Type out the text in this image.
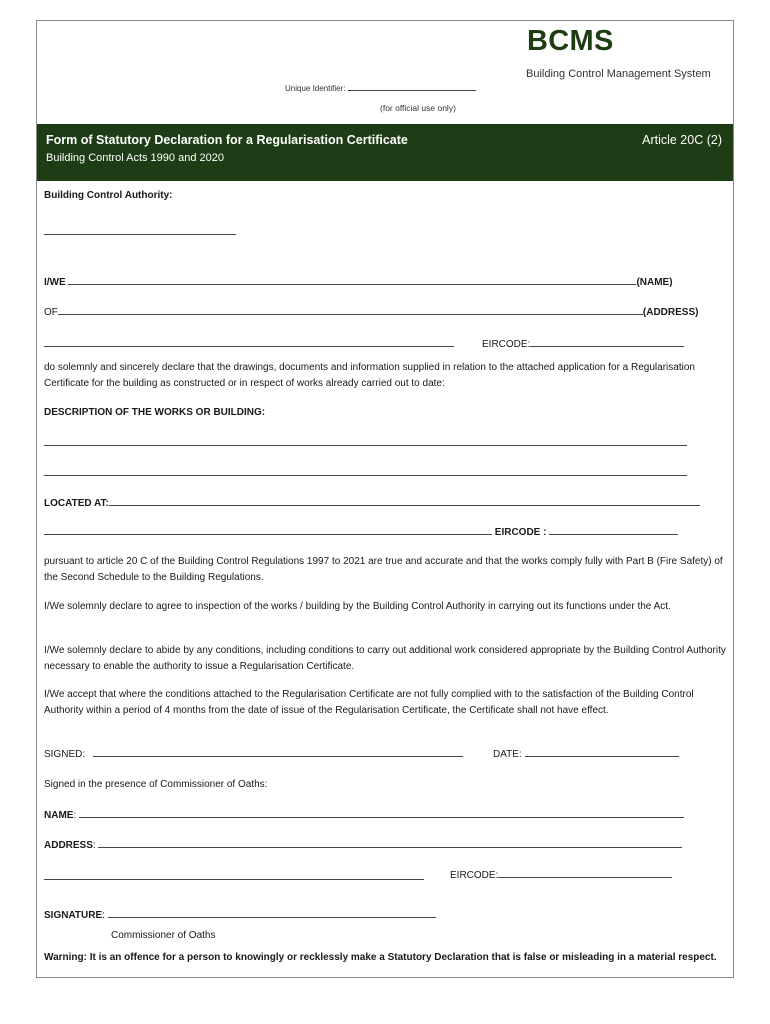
BCMS
Building Control Management System
Unique Identifier:
(for official use only)
Form of Statutory Declaration for a Regularisation Certificate
Building Control Acts 1990 and 2020
Article 20C (2)
Building Control Authority:
I/WE	(NAME)
OF	(ADDRESS)
EIRCODE:
do solemnly and sincerely declare that the drawings, documents and information supplied in relation to the attached application for a Regularisation Certificate for the building as constructed or in respect of works already carried out to date:
DESCRIPTION OF THE WORKS OR BUILDING:
LOCATED AT:
EIRCODE :
pursuant to article 20 C of the Building Control Regulations 1997 to 2021 are true and accurate and that the works comply fully with Part B (Fire Safety) of the Second Schedule to the Building Regulations.
I/We solemnly declare to agree to inspection of the works / building by the Building Control Authority in carrying out its functions under the Act.
I/We solemnly declare to abide by any conditions, including conditions to carry out additional work considered appropriate by the Building Control Authority necessary to enable the authority to issue a Regularisation Certificate.
I/We accept that where the conditions attached to the Regularisation Certificate are not fully complied with to the satisfaction of the Building Control Authority within a period of 4 months from the date of issue of the Regularisation Certificate, the Certificate shall not have effect.
SIGNED:	DATE:
Signed in the presence of Commissioner of Oaths:
NAME:
ADDRESS:
EIRCODE:
SIGNATURE:
Commissioner of Oaths
Warning: It is an offence for a person to knowingly or recklessly make a Statutory Declaration that is false or misleading in a material respect.
